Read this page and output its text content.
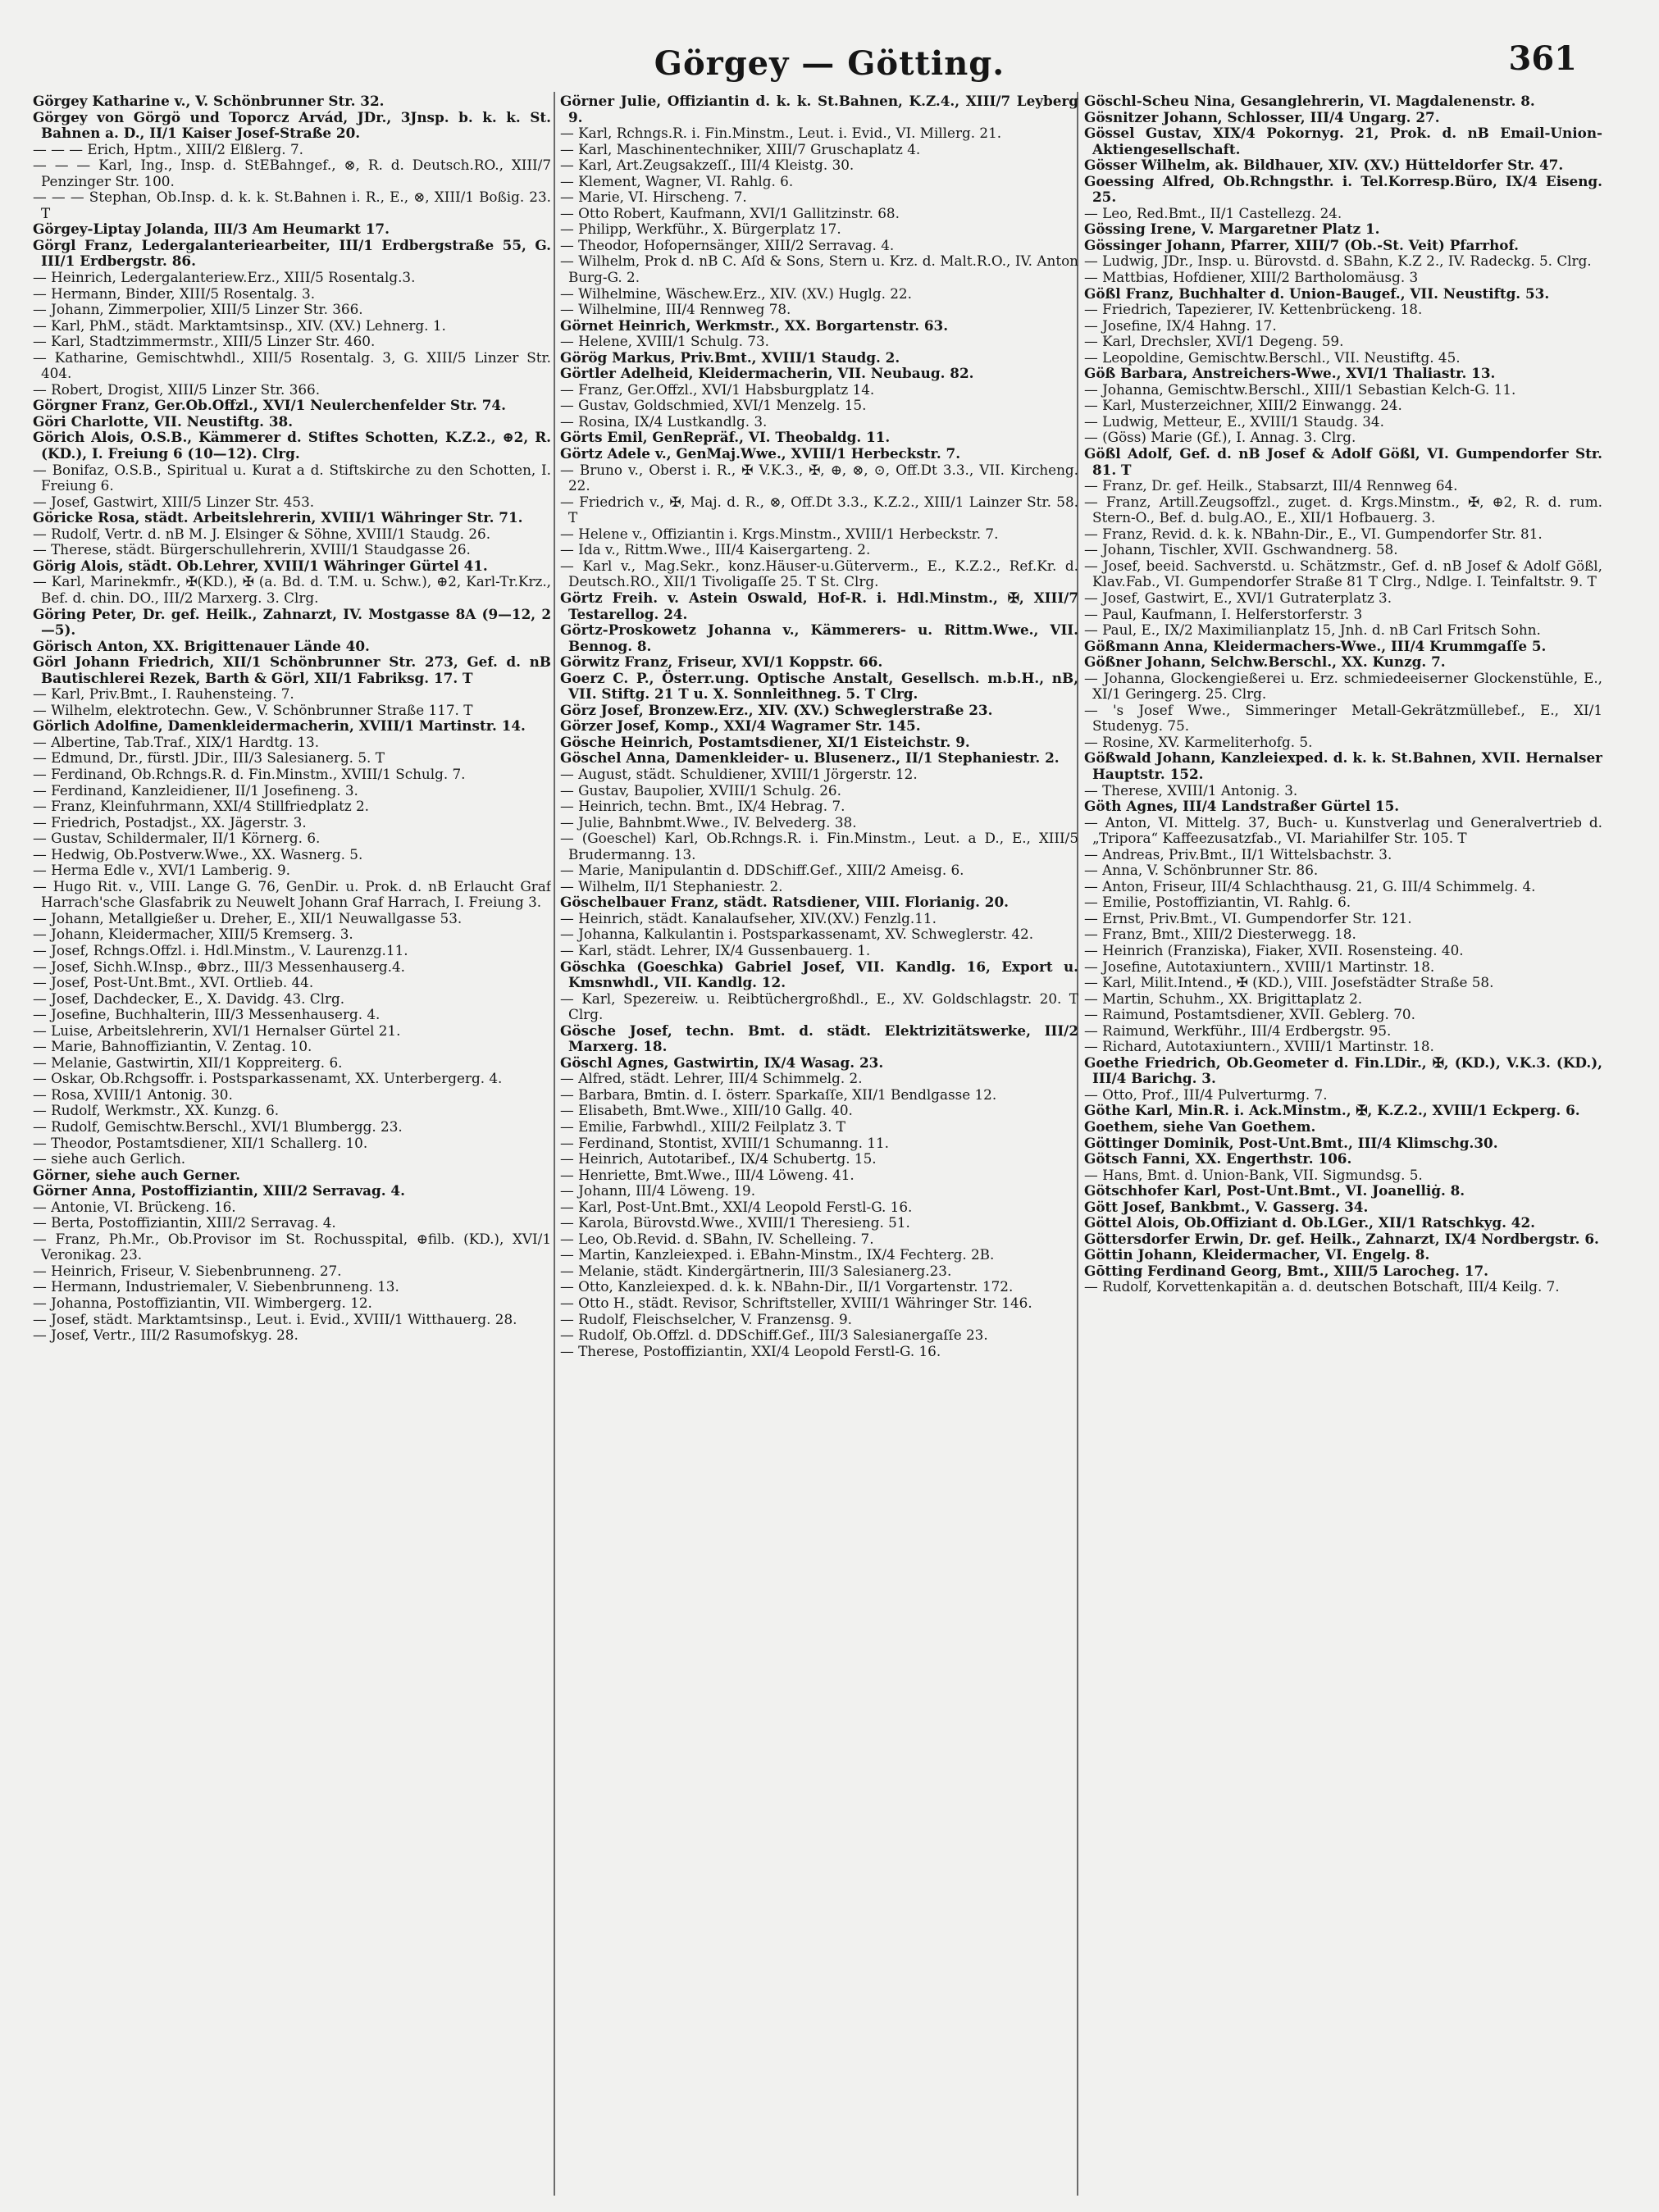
Görgey — Götting.	361
Görgey Katharine v., V. Schönbrunner Str. 32.
Görgey von Görgö und Toporcz Arvád, JDr., 3Jnsp. b. k. k. St. Bahnen a. D., II/1 Kaiser Josef-Straße 20.
— — — Erich, Hptm., XIII/2 Elßlerg. 7.
— — — Karl, Ing., Insp. d. StEBahngef., ⊗, R. d. Deutsch.RO., XIII/7 Penzinger Str. 100.
— — — Stephan, Ob.Insp. d. k. k. St.Bahnen i. R., E., ⊗, XIII/1 Boßig. 23. T
Görgey-Liptay Jolanda, III/3 Am Heumarkt 17.
Görgl Franz, Ledergalanteriearbeiter, III/1 Erdbergstraße 55, G. III/1 Erdbergstr. 86.
— Heinrich, Ledergalanteriew.Erz., XIII/5 Rosentalg.3.
— Hermann, Binder, XIII/5 Rosentalg. 3.
— Johann, Zimmerpolier, XIII/5 Linzer Str. 366.
— Karl, PhM., städt. Marktamtsinsp., XIV. (XV.) Lehnerg. 1.
— Karl, Stadtzimmermstr., XIII/5 Linzer Str. 460.
— Katharine, Gemischtwhdl., XIII/5 Rosentalg. 3, G. XIII/5 Linzer Str. 404.
— Robert, Drogist, XIII/5 Linzer Str. 366.
Görgner Franz, Ger.Ob.Offzl., XVI/1 Neulerchenfelder Str. 74.
Göri Charlotte, VII. Neustiftg. 38.
Görich Alois, O.S.B., Kämmerer d. Stiftes Schotten, K.Z.2., ⊕2, R. (KD.), I. Freiung 6 (10—12). Clrg.
— Bonifaz, O.S.B., Spiritual u. Kurat a d. Stiftskirche zu den Schotten, I. Freiung 6.
— Josef, Gastwirt, XIII/5 Linzer Str. 453.
Göricke Rosa, städt. Arbeitslehrerin, XVIII/1 Währinger Str. 71.
— Rudolf, Vertr. d. nB M. J. Elsinger & Söhne, XVIII/1 Staudg. 26.
— Therese, städt. Bürgerschullehrerin, XVIII/1 Staudgasse 26.
Görig Alois, städt. Ob.Lehrer, XVIII/1 Währinger Gürtel 41.
— Karl, Marinekmfr., ✠(KD.), ✠ (a. Bd. d. T.M. u. Schw.), ⊕2, Karl-Tr.Krz., Bef. d. chin. DO., III/2 Marxerg. 3. Clrg.
Göring Peter, Dr. gef. Heilk., Zahnarzt, IV. Mostgasse 8A (9—12, 2—5).
Görisch Anton, XX. Brigittenauer Lände 40.
Görl Johann Friedrich, XII/1 Schönbrunner Str. 273, Gef. d. nB Bautischlerei Rezek, Barth & Görl, XII/1 Fabriksg. 17. T
— Karl, Priv.Bmt., I. Rauhensteing. 7.
— Wilhelm, elektrotechn. Gew., V. Schönbrunner Straße 117. T
Görlich Adolfine, Damenkleidermacherin, XVIII/1 Martinstr. 14.
— Albertine, Tab.Traf., XIX/1 Hardtg. 13.
— Edmund, Dr., fürstl. JDir., III/3 Salesianerg. 5. T
— Ferdinand, Ob.Rchngs.R. d. Fin.Minstm., XVIII/1 Schulg. 7.
— Ferdinand, Kanzleidiener, II/1 Josefineng. 3.
— Franz, Kleinfuhrmann, XXI/4 Stillfriedplatz 2.
— Friedrich, Postadjst., XX. Jägerstr. 3.
— Gustav, Schildermaler, II/1 Körnerg. 6.
— Hedwig, Ob.Postverw.Wwe., XX. Wasnerg. 5.
— Herma Edle v., XVI/1 Lamberig. 9.
— Hugo Rit. v., VIII. Lange G. 76, GenDir. u. Prok. d. nB Erlaucht Graf Harrach'sche Glasfabrik zu Neuwelt Johann Graf Harrach, I. Freiung 3.
— Johann, Metallgießer u. Dreher, E., XII/1 Neuwallgasse 53.
— Johann, Kleidermacher, XIII/5 Kremserg. 3.
— Josef, Rchngs.Offzl. i. Hdl.Minstm., V. Laurenzg.11.
— Josef, Sichh.W.Insp., ⊕brz., III/3 Messenhauserg.4.
— Josef, Post-Unt.Bmt., XVI. Ortlieb. 44.
— Josef, Dachdecker, E., X. Davidg. 43. Clrg.
— Josefine, Buchhalterin, III/3 Messenhauserg. 4.
— Luise, Arbeitslehrerin, XVI/1 Hernalser Gürtel 21.
— Marie, Bahnoffiziantin, V. Zentag. 10.
— Melanie, Gastwirtin, XII/1 Koppreiterg. 6.
— Oskar, Ob.Rchgsoffr. i. Postsparkassenamt, XX. Unterbergerg. 4.
— Rosa, XVIII/1 Antonig. 30.
— Rudolf, Werkmstr., XX. Kunzg. 6.
— Rudolf, Gemischtw.Berschl., XVI/1 Blumbergg. 23.
— Theodor, Postamtsdiener, XII/1 Schallerg. 10.
— siehe auch Gerlich.
Görner, siehe auch Gerner.
Görner Anna, Postoffiziantin, XIII/2 Serravag. 4.
— Antonie, VI. Brückeng. 16.
— Berta, Postoffiziantin, XIII/2 Serravag. 4.
— Franz, Ph.Mr., Ob.Provisor im St. Rochusspital, ⊕filb. (KD.), XVI/1 Veronikag. 23.
— Heinrich, Friseur, V. Siebenbrunneng. 27.
— Hermann, Industriemaler, V. Siebenbrunneng. 13.
— Johanna, Postoffiziantin, VII. Wimbergerg. 12.
— Josef, städt. Marktamtsinsp., Leut. i. Evid., XVIII/1 Witthauerg. 28.
— Josef, Vertr., III/2 Rasumofskyg. 28.
Görner Julie, Offiziantin d. k. k. St.Bahnen, K.Z.4., XIII/7 Leyberg 9.
— Karl, Rchngs.R. i. Fin.Minstm., Leut. i. Evid., VI. Millerg. 21.
— Karl, Maschinentechniker, XIII/7 Gruschaplatz 4.
— Karl, Art.Zeugsakzeſſ., III/4 Kleistg. 30.
— Klement, Wagner, VI. Rahlg. 6.
— Marie, VI. Hirscheng. 7.
— Otto Robert, Kaufmann, XVI/1 Gallitzinstr. 68.
— Philipp, Werkführ., X. Bürgerplatz 17.
— Theodor, Hofopernsänger, XIII/2 Serravag. 4.
— Wilhelm, Prok d. nB C. Aſd & Sons, Stern u. Krz. d. Malt.R.O., IV. Anton Burg-G. 2.
— Wilhelmine, Wäschew.Erz., XIV. (XV.) Huglg. 22.
— Wilhelmine, III/4 Rennweg 78.
Görnet Heinrich, Werkmstr., XX. Borgartenstr. 63.
— Helene, XVIII/1 Schulg. 73.
Görög Markus, Priv.Bmt., XVIII/1 Staudg. 2.
Görtler Adelheid, Kleidermacherin, VII. Neubaug. 82.
— Franz, Ger.Offzl., XVI/1 Habsburgplatz 14.
— Gustav, Goldschmied, XVI/1 Menzelg. 15.
— Rosina, IX/4 Lustkandlg. 3.
Görts Emil, GenRepräf., VI. Theobaldg. 11.
Görtz Adele v., GenMaj.Wwe., XVIII/1 Herbeckstr. 7.
— Bruno v., Oberst i. R., ✠ V.K.3., ✠, ⊕, ⊗, ⊙, Off.Dt 3.3., VII. Kircheng. 22.
— Friedrich v., ✠, Maj. d. R., ⊗, Off.Dt 3.3., K.Z.2., XIII/1 Lainzer Str. 58. T
— Helene v., Offiziantin i. Krgs.Minstm., XVIII/1 Herbeckstr. 7.
— Ida v., Rittm.Wwe., III/4 Kaisergarteng. 2.
— Karl v., Mag.Sekr., konz.Häuser-u.Güterverm., E., K.Z.2., Ref.Kr. d. Deutsch.RO., XII/1 Tivoligaſſe 25. T St. Clrg.
Görtz Freih. v. Astein Oswald, Hof-R. i. Hdl.Minstm., ✠, XIII/7 Testarellog. 24.
Görtz-Proskowetz Johanna v., Kämmerers- u. Rittm.Wwe., VII. Bennog. 8.
Görwitz Franz, Friseur, XVI/1 Koppstr. 66.
Goerz C. P., Österr.ung. Optische Anstalt, Gesellsch. m.b.H., nB, VII. Stiftg. 21 T u. X. Sonnleithneg. 5. T Clrg.
Görz Josef, Bronzew.Erz., XIV. (XV.) Schweglerstraße 23.
Görzer Josef, Komp., XXI/4 Wagramer Str. 145.
Gösche Heinrich, Postamtsdiener, XI/1 Eisteichstr. 9.
Göschel Anna, Damenkleider- u. Blusenerz., II/1 Stephaniestr. 2.
— August, städt. Schuldiener, XVIII/1 Jörgerstr. 12.
— Gustav, Baupolier, XVIII/1 Schulg. 26.
— Heinrich, techn. Bmt., IX/4 Hebrag. 7.
— Julie, Bahnbmt.Wwe., IV. Belvederg. 38.
— (Goeschel) Karl, Ob.Rchngs.R. i. Fin.Minstm., Leut. a D., E., XIII/5 Brudermanng. 13.
— Marie, Manipulantin d. DDSchiff.Gef., XIII/2 Ameisg. 6.
— Wilhelm, II/1 Stephaniestr. 2.
Göschelbauer Franz, städt. Ratsdiener, VIII. Florianig. 20.
— Heinrich, städt. Kanalaufseher, XIV.(XV.) Fenzlg.11.
— Johanna, Kalkulantin i. Postsparkassenamt, XV. Schweglerstr. 42.
— Karl, städt. Lehrer, IX/4 Gussenbauerg. 1.
Göschka (Goeschka) Gabriel Josef, VII. Kandlg. 16, Export u. Kmsnwhdl., VII. Kandlg. 12.
— Karl, Spezereiw. u. Reibtüchergroßhdl., E., XV. Goldschlagstr. 20. T Clrg.
Gösche Josef, techn. Bmt. d. städt. Elektrizitätswerke, III/2 Marxerg. 18.
Göschl Agnes, Gastwirtin, IX/4 Wasag. 23.
— Alfred, städt. Lehrer, III/4 Schimmelg. 2.
— Barbara, Bmtin. d. I. österr. Sparkaſſe, XII/1 Bendlgasse 12.
— Elisabeth, Bmt.Wwe., XIII/10 Gallg. 40.
— Emilie, Farbwhdl., XIII/2 Feilplatz 3. T
— Ferdinand, Stontist, XVIII/1 Schumanng. 11.
— Heinrich, Autotaribef., IX/4 Schubertg. 15.
— Henriette, Bmt.Wwe., III/4 Löweng. 41.
— Johann, III/4 Löweng. 19.
— Karl, Post-Unt.Bmt., XXI/4 Leopold Ferstl-G. 16.
— Karola, Bürovstd.Wwe., XVIII/1 Theresieng. 51.
— Leo, Ob.Revid. d. SBahn, IV. Schelleing. 7.
— Martin, Kanzleiexped. i. EBahn-Minstm., IX/4 Fechterg. 2B.
— Melanie, städt. Kindergärtnerin, III/3 Salesianerg.23.
— Otto, Kanzleiexped. d. k. k. NBahn-Dir., II/1 Vorgartenstr. 172.
— Otto H., städt. Revisor, Schriftsteller, XVIII/1 Währinger Str. 146.
— Rudolf, Fleischselcher, V. Franzensg. 9.
— Rudolf, Ob.Offzl. d. DDSchiff.Gef., III/3 Salesianergaſſe 23.
— Therese, Postoffiziantin, XXI/4 Leopold Ferstl-G. 16.
Göschl-Scheu Nina, Gesanglehrerin, VI. Magdalenenstr. 8.
Gösnitzer Johann, Schlosser, III/4 Ungarg. 27.
Gössel Gustav, XIX/4 Pokornyg. 21, Prok. d. nB Email-Union-Aktiengesellschaft.
Gösser Wilhelm, ak. Bildhauer, XIV. (XV.) Hütteldorfer Str. 47.
Goessing Alfred, Ob.Rchngsthr. i. Tel.Korresp.Büro, IX/4 Eiseng. 25.
— Leo, Red.Bmt., II/1 Castellezg. 24.
Gössing Irene, V. Margaretner Platz 1.
Gössinger Johann, Pfarrer, XIII/7 (Ob.-St. Veit) Pfarrhof.
— Ludwig, JDr., Insp. u. Bürovstd. d. SBahn, K.Z 2., IV. Radeckg. 5. Clrg.
— Mattbias, Hofdiener, XIII/2 Bartholomäusg. 3
Gößl Franz, Buchhalter d. Union-Baugef., VII. Neustiftg. 53.
— Friedrich, Tapezierer, IV. Kettenbrückeng. 18.
— Josefine, IX/4 Hahng. 17.
— Karl, Drechsler, XVI/1 Degeng. 59.
— Leopoldine, Gemischtw.Berschl., VII. Neustiftg. 45.
Göß Barbara, Anstreichers-Wwe., XVI/1 Thaliastr. 13.
— Johanna, Gemischtw.Berschl., XIII/1 Sebastian Kelch-G. 11.
— Karl, Musterzeichner, XIII/2 Einwangg. 24.
— Ludwig, Metteur, E., XVIII/1 Staudg. 34.
— (Göss) Marie (Gf.), I. Annag. 3. Clrg.
Gößl Adolf, Gef. d. nB Josef & Adolf Gößl, VI. Gumpendorfer Str. 81. T
— Franz, Dr. gef. Heilk., Stabsarzt, III/4 Rennweg 64.
— Franz, Artill.Zeugsoffzl., zuget. d. Krgs.Minstm., ✠, ⊕2, R. d. rum. Stern-O., Bef. d. bulg.AO., E., XII/1 Hofbauerg. 3.
— Franz, Revid. d. k. k. NBahn-Dir., E., VI. Gumpendorfer Str. 81.
— Johann, Tischler, XVII. Gschwandnerg. 58.
— Josef, beeid. Sachverstd. u. Schätzmstr., Gef. d. nB Josef & Adolf Gößl, Klav.Fab., VI. Gumpendorfer Straße 81 T Clrg., Ndlge. I. Teinfaltstr. 9. T
— Josef, Gastwirt, E., XVI/1 Gutraterplatz 3.
— Paul, Kaufmann, I. Helferstorferstr. 3
— Paul, E., IX/2 Maximilianplatz 15, Jnh. d. nB Carl Fritsch Sohn.
Gößmann Anna, Kleidermachers-Wwe., III/4 Krummgaſſe 5.
Gößner Johann, Selchw.Berschl., XX. Kunzg. 7.
— Johanna, Glockengießerei u. Erz. schmiedeeiserner Glockenstühle, E., XI/1 Geringerg. 25. Clrg.
— 's Josef Wwe., Simmeringer Metall-Gekrätzmüllebef., E., XI/1 Studenyg. 75.
— Rosine, XV. Karmeliterhofg. 5.
Gößwald Johann, Kanzleiexped. d. k. k. St.Bahnen, XVII. Hernalser Hauptstr. 152.
— Therese, XVIII/1 Antonig. 3.
Göth Agnes, III/4 Landstraßer Gürtel 15.
— Anton, VI. Mittelg. 37, Buch- u. Kunstverlag und Generalvertrieb d. „Tripora“ Kaffeezusatzfab., VI. Mariahilfer Str. 105. T
— Andreas, Priv.Bmt., II/1 Wittelsbachstr. 3.
— Anna, V. Schönbrunner Str. 86.
— Anton, Friseur, III/4 Schlachthausg. 21, G. III/4 Schimmelg. 4.
— Emilie, Postoffiziantin, VI. Rahlg. 6.
— Ernst, Priv.Bmt., VI. Gumpendorfer Str. 121.
— Franz, Bmt., XIII/2 Diesterwegg. 18.
— Heinrich (Franziska), Fiaker, XVII. Rosensteing. 40.
— Josefine, Autotaxiuntern., XVIII/1 Martinstr. 18.
— Karl, Milit.Intend., ✠ (KD.), VIII. Josefstädter Straße 58.
— Martin, Schuhm., XX. Brigittaplatz 2.
— Raimund, Postamtsdiener, XVII. Geblerg. 70.
— Raimund, Werkführ., III/4 Erdbergstr. 95.
— Richard, Autotaxiuntern., XVIII/1 Martinstr. 18.
Goethe Friedrich, Ob.Geometer d. Fin.LDir., ✠, (KD.), V.K.3. (KD.), III/4 Barichg. 3.
— Otto, Prof., III/4 Pulverturmg. 7.
Göthe Karl, Min.R. i. Ack.Minstm., ✠, K.Z.2., XVIII/1 Eckperg. 6.
Goethem, siehe Van Goethem.
Göttinger Dominik, Post-Unt.Bmt., III/4 Klimschg.30.
Götsch Fanni, XX. Engerthstr. 106.
— Hans, Bmt. d. Union-Bank, VII. Sigmundsg. 5.
Götschhofer Karl, Post-Unt.Bmt., VI. Joanelliġ. 8.
Gött Josef, Bankbmt., V. Gasserg. 34.
Göttel Alois, Ob.Offiziant d. Ob.LGer., XII/1 Ratschkyg. 42.
Göttersdorfer Erwin, Dr. gef. Heilk., Zahnarzt, IX/4 Nordbergstr. 6.
Göttin Johann, Kleidermacher, VI. Engelg. 8.
Gōtting Ferdinand Georg, Bmt., XIII/5 Larocheg. 17.
— Rudolf, Korvettenkapitän a. d. deutschen Botschaft, III/4 Keilg. 7.
